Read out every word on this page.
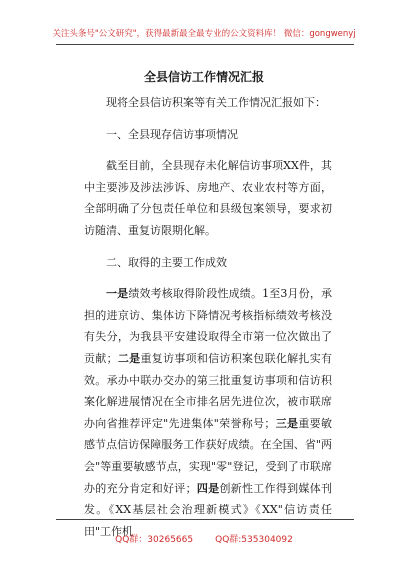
关注头条号"公文研究"，获得最新最全最专业的公文资料库！ 微信：gongwenyj
全县信访工作情况汇报

现将全县信访积案等有关工作情况汇报如下：

一、全县现存信访事项情况

截至目前，全县现存未化解信访事项XX件，其中主要涉及涉法涉诉、房地产、农业农村等方面，全部明确了分包责任单位和县级包案领导，要求初访随清、重复访限期化解。

二、取得的主要工作成效

一是绩效考核取得阶段性成绩。1至3月份，承担的进京访、集体访下降情况考核指标绩效考核没有失分，为我县平安建设取得全市第一位次做出了贡献；二是重复访事项和信访积案包联化解扎实有效。承办中联办交办的第三批重复访事项和信访积案化解进展情况在全市排名居先进位次，被市联席办向省推荐评定"先进集体"荣誉称号；三是重要敏感节点信访保障服务工作获好成绩。在全国、省"两会"等重要敏感节点，实现"零"登记，受到了市联席办的充分肯定和好评；四是创新性工作得到媒体刊发。《XX基层社会治理新模式》《XX"信访责任田"工作机

QQ群：30265665 QQ群:535304092
